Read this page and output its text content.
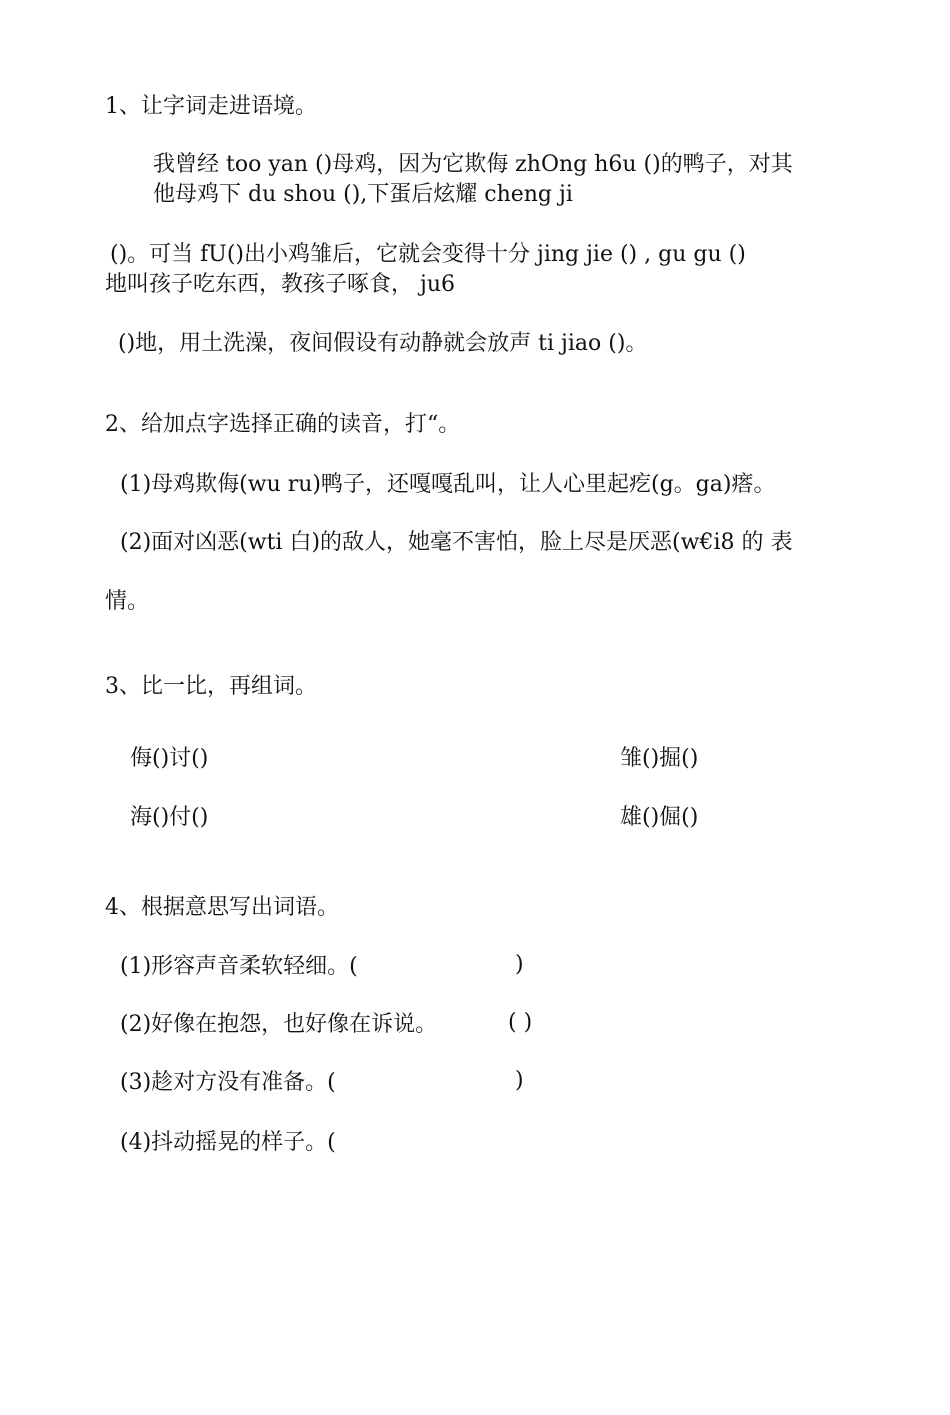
1、让字词走进语境。
我曾经 too yan ()母鸡，因为它欺侮 zhOng h6u ()的鸭子，对其
他母鸡下 du shou (),下蛋后炫耀 cheng ji
()。可当 fU()出小鸡雏后，它就会变得十分 jing jie () , gu gu ()
地叫孩子吃东西，教孩子啄食， ju6
()地，用土洗澡，夜间假设有动静就会放声 ti jiao ()。
2、给加点字选择正确的读音，打“。
(1)母鸡欺侮(wu ru)鸭子，还嘎嘎乱叫，让人心里起疙(g。ga)瘩。
(2)面对凶恶(wti 白)的敌人，她毫不害怕，脸上尽是厌恶(w€i8 的 表
情。
3、比一比，再组词。
侮()讨()	雏()掘()
海()付()	雄()倔()
4、根据意思写出词语。
(1)形容声音柔软轻细。(	)
(2)好像在抱怨，也好像在诉说。	( )
(3)趁对方没有准备。(	)
(4)抖动摇晃的样子。(
